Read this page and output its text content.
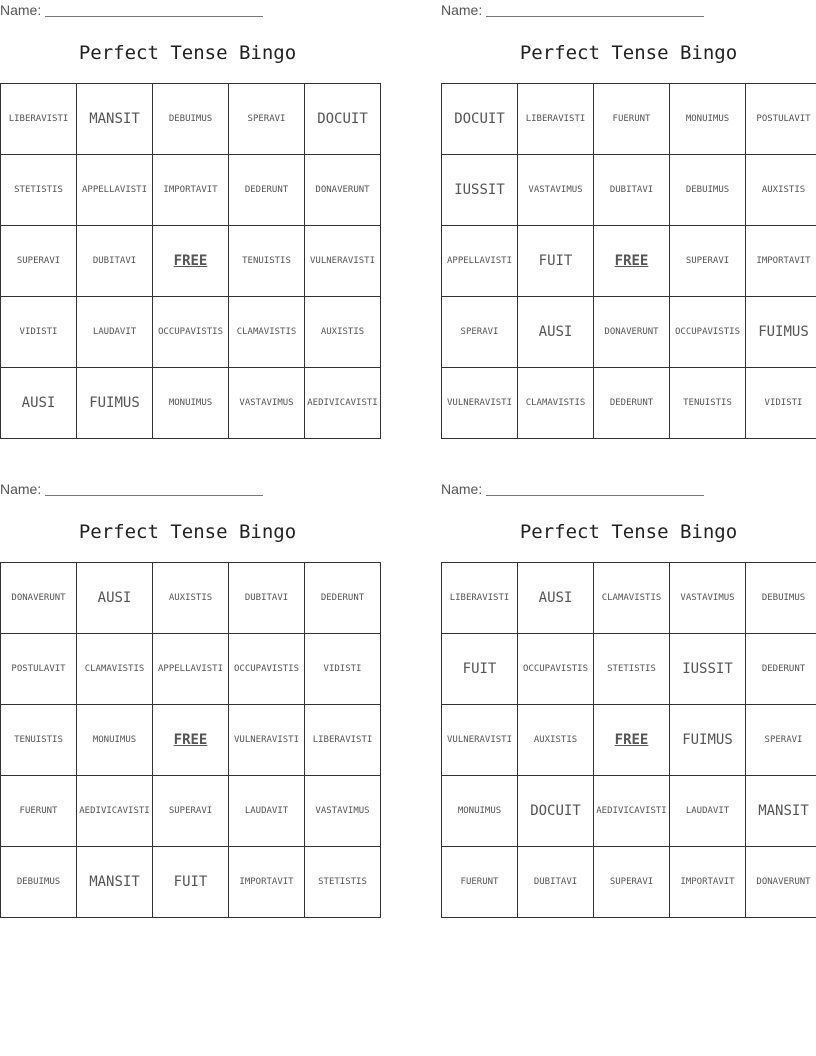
Name:
Perfect Tense Bingo
LIBERAVISTI	MANSIT	DEBUIMUS	SPERAVI	DOCUIT
STETISTIS	APPELLAVISTI	IMPORTAVIT	DEDERUNT	DONAVERUNT
SUPERAVI	DUBITAVI	FREE	TENUISTIS	VULNERAVISTI
VIDISTI	LAUDAVIT	OCCUPAVISTIS	CLAMAVISTIS	AUXISTIS
AUSI	FUIMUS	MONUIMUS	VASTAVIMUS	AEDIVICAVISTI
Name:
Perfect Tense Bingo
DOCUIT	LIBERAVISTI	FUERUNT	MONUIMUS	POSTULAVIT
IUSSIT	VASTAVIMUS	DUBITAVI	DEBUIMUS	AUXISTIS
APPELLAVISTI	FUIT	FREE	SUPERAVI	IMPORTAVIT
SPERAVI	AUSI	DONAVERUNT	OCCUPAVISTIS	FUIMUS
VULNERAVISTI	CLAMAVISTIS	DEDERUNT	TENUISTIS	VIDISTI
Name:
Perfect Tense Bingo
DONAVERUNT	AUSI	AUXISTIS	DUBITAVI	DEDERUNT
POSTULAVIT	CLAMAVISTIS	APPELLAVISTI	OCCUPAVISTIS	VIDISTI
TENUISTIS	MONUIMUS	FREE	VULNERAVISTI	LIBERAVISTI
FUERUNT	AEDIVICAVISTI	SUPERAVI	LAUDAVIT	VASTAVIMUS
DEBUIMUS	MANSIT	FUIT	IMPORTAVIT	STETISTIS
Name:
Perfect Tense Bingo
LIBERAVISTI	AUSI	CLAMAVISTIS	VASTAVIMUS	DEBUIMUS
FUIT	OCCUPAVISTIS	STETISTIS	IUSSIT	DEDERUNT
VULNERAVISTI	AUXISTIS	FREE	FUIMUS	SPERAVI
MONUIMUS	DOCUIT	AEDIVICAVISTI	LAUDAVIT	MANSIT
FUERUNT	DUBITAVI	SUPERAVI	IMPORTAVIT	DONAVERUNT
